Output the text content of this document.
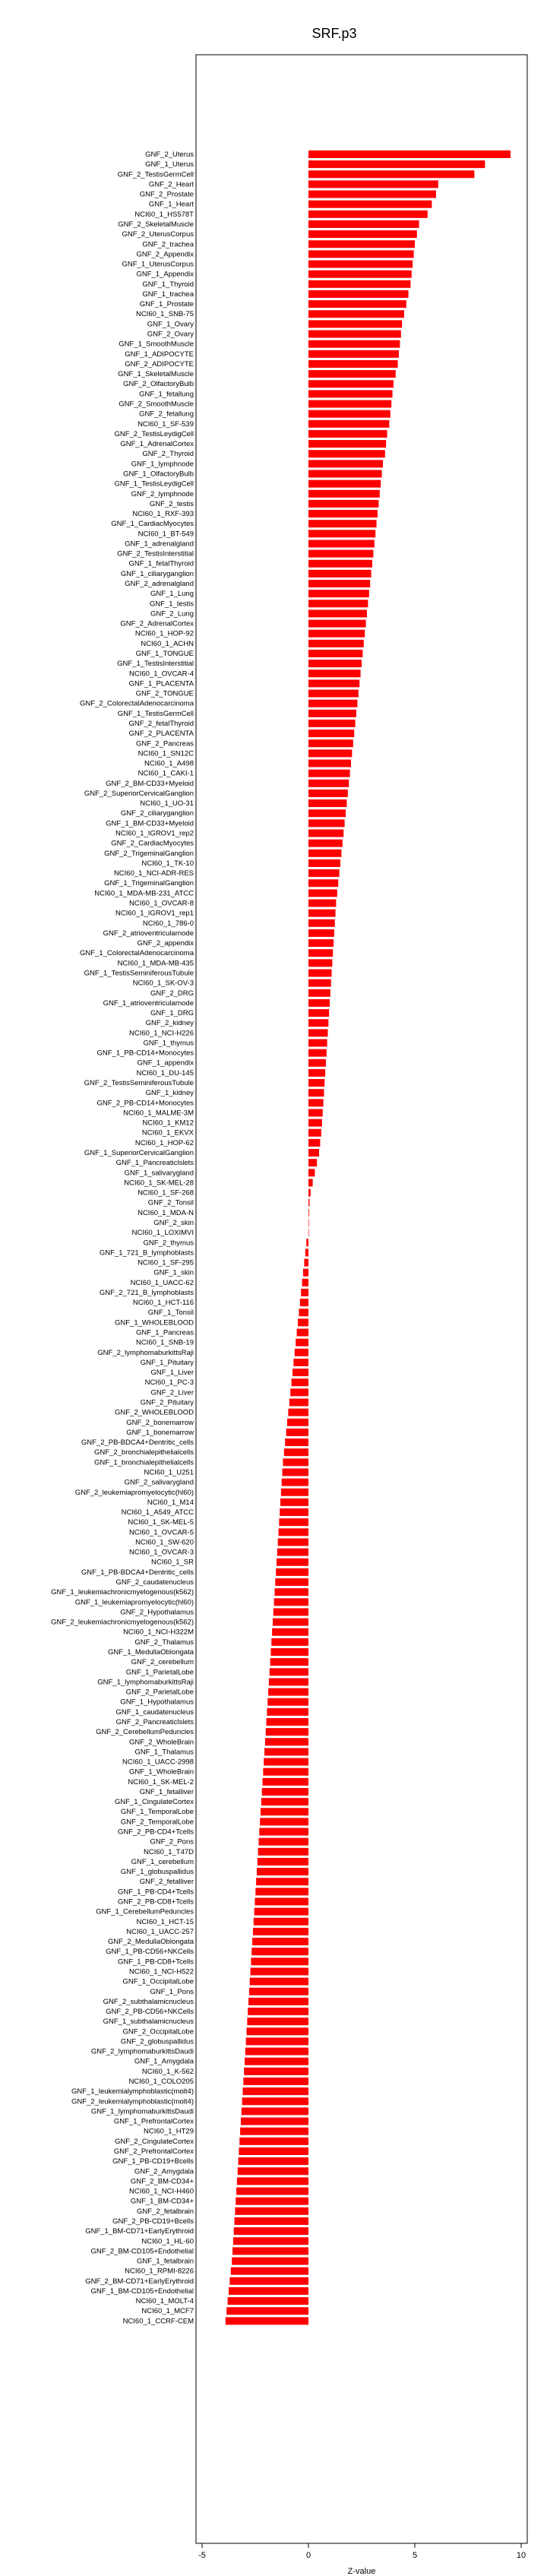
SRF.p3
GNF_2_Uterus
GNF_1_Uterus
GNF_2_TestisGermCell
GNF_2_Heart
GNF_2_Prostate
GNF_1_Heart
NCI60_1_HS578T
GNF_2_SkeletalMuscle
GNF_2_UterusCorpus
GNF_2_trachea
GNF_2_Appendix
GNF_1_UterusCorpus
GNF_1_Appendix
GNF_1_Thyroid
GNF_1_trachea
GNF_1_Prostate
NCI60_1_SNB-75
GNF_1_Ovary
GNF_2_Ovary
GNF_1_SmoothMuscle
GNF_1_ADIPOCYTE
GNF_2_ADIPOCYTE
GNF_1_SkeletalMuscle
GNF_2_OlfactoryBulb
GNF_1_fetallung
GNF_2_SmoothMuscle
GNF_2_fetallung
NCI60_1_SF-539
GNF_2_TestisLeydigCell
GNF_1_AdrenalCortex
GNF_2_Thyroid
GNF_1_lymphnode
GNF_1_OlfactoryBulb
GNF_1_TestisLeydigCell
GNF_2_lymphnode
GNF_2_testis
NCI60_1_RXF-393
GNF_1_CardiacMyocytes
NCI60_1_BT-549
GNF_1_adrenalgland
GNF_2_TestisInterstitial
GNF_1_fetalThyroid
GNF_1_ciliaryganglion
GNF_2_adrenalgland
GNF_1_Lung
GNF_1_testis
GNF_2_Lung
GNF_2_AdrenalCortex
NCI60_1_HOP-92
NCI60_1_ACHN
GNF_1_TONGUE
GNF_1_TestisInterstitial
NCI60_1_OVCAR-4
GNF_1_PLACENTA
GNF_2_TONGUE
GNF_2_ColorectalAdenocarcinoma
GNF_1_TestisGermCell
GNF_2_fetalThyroid
GNF_2_PLACENTA
GNF_2_Pancreas
NCI60_1_SN12C
NCI60_1_A498
NCI60_1_CAKI-1
GNF_2_BM-CD33+Myeloid
GNF_2_SuperiorCervicalGanglion
NCI60_1_UO-31
GNF_2_ciliaryganglion
GNF_1_BM-CD33+Myeloid
NCI60_1_IGROV1_rep2
GNF_2_CardiacMyocytes
GNF_2_TrigeminalGanglion
NCI60_1_TK-10
NCI60_1_NCI-ADR-RES
GNF_1_TrigeminalGanglion
NCI60_1_MDA-MB-231_ATCC
NCI60_1_OVCAR-8
NCI60_1_IGROV1_rep1
NCI60_1_786-0
GNF_2_atrioventricularnode
GNF_2_appendix
GNF_1_ColorectalAdenocarcinoma
NCI60_1_MDA-MB-435
GNF_1_TestisSeminiferousTubule
NCI60_1_SK-OV-3
GNF_2_DRG
GNF_1_atrioventricularnode
GNF_1_DRG
GNF_2_kidney
NCI60_1_NCI-H226
GNF_1_thymus
GNF_1_PB-CD14+Monocytes
GNF_1_appendix
NCI60_1_DU-145
GNF_2_TestisSeminiferousTubule
GNF_1_kidney
GNF_2_PB-CD14+Monocytes
NCI60_1_MALME-3M
NCI60_1_KM12
NCI60_1_EKVX
NCI60_1_HOP-62
GNF_1_SuperiorCervicalGanglion
GNF_1_Pancreaticlslets
GNF_1_salivarygland
NCI60_1_SK-MEL-28
NCI60_1_SF-268
GNF_2_Tonsil
NCI60_1_MDA-N
GNF_2_skin
NCI60_1_LOXIMVI
GNF_2_thymus
GNF_1_721_B_lymphoblasts
NCI60_1_SF-295
GNF_1_skin
NCI60_1_UACC-62
GNF_2_721_B_lymphoblasts
NCI60_1_HCT-116
GNF_1_Tonsil
GNF_1_WHOLEBLOOD
GNF_1_Pancreas
NCI60_1_SNB-19
GNF_2_lymphomaburkittsRaji
GNF_1_Pituitary
GNF_1_Liver
NCI60_1_PC-3
GNF_2_Liver
GNF_2_Pituitary
GNF_2_WHOLEBLOOD
GNF_2_bonemarrow
GNF_1_bonemarrow
GNF_2_PB-BDCA4+Dentritic_cells
GNF_2_bronchialepithelialcells
GNF_1_bronchialepithelialcells
NCI60_1_U251
GNF_2_salivarygland
GNF_2_leukemiapromyelocytic(hl60)
NCI60_1_M14
NCI60_1_A549_ATCC
NCI60_1_SK-MEL-5
NCI60_1_OVCAR-5
NCI60_1_SW-620
NCI60_1_OVCAR-3
NCI60_1_SR
GNF_1_PB-BDCA4+Dentritic_cells
GNF_2_caudatenucleus
GNF_1_leukemiachronicmyelogenous(k562)
GNF_1_leukemiapromyelocytic(hl60)
GNF_2_Hypothalamus
GNF_2_leukemiachronicmyelogenous(k562)
NCI60_1_NCI-H322M
GNF_2_Thalamus
GNF_1_MedullaOblongata
GNF_2_cerebellum
GNF_1_ParietalLobe
GNF_1_lymphomaburkittsRaji
GNF_2_ParietalLobe
GNF_1_Hypothalamus
GNF_1_caudatenucleus
GNF_2_Pancreaticlslets
GNF_2_CerebellumPeduncles
GNF_2_WholeBrain
GNF_1_Thalamus
NCI60_1_UACC-2998
GNF_1_WholeBrain
NCI60_1_SK-MEL-2
GNF_1_fetalliver
GNF_1_CingulateCortex
GNF_1_TemporalLobe
GNF_2_TemporalLobe
GNF_2_PB-CD4+Tcells
GNF_2_Pons
NCI60_1_T47D
GNF_1_cerebellum
GNF_1_globuspallidus
GNF_2_fetalliver
GNF_1_PB-CD4+Tcells
GNF_2_PB-CD8+Tcells
GNF_1_CerebellumPeduncles
NCI60_1_HCT-15
NCI60_1_UACC-257
GNF_2_MedullaOblongata
GNF_1_PB-CD56+NKCells
GNF_1_PB-CD8+Tcells
NCI60_1_NCI-H522
GNF_1_OccipitalLobe
GNF_1_Pons
GNF_2_subthalamicnucleus
GNF_2_PB-CD56+NKCells
GNF_1_subthalamicnucleus
GNF_2_OccipitalLobe
GNF_2_globuspallidus
GNF_2_lymphomaburkittsDaudi
GNF_1_Amygdala
NCI60_1_K-562
NCI60_1_COLO205
GNF_1_leukemialymphoblastic(molt4)
GNF_2_leukemialymphoblastic(molt4)
GNF_1_lymphomaburkittsDaudi
GNF_1_PrefrontalCortex
NCI60_1_HT29
GNF_2_CingulateCortex
GNF_2_PrefrontalCortex
GNF_1_PB-CD19+Bcells
GNF_2_Amygdala
GNF_2_BM-CD34+
NCI60_1_NCI-H460
GNF_1_BM-CD34+
GNF_2_fetalbrain
GNF_2_PB-CD19+Bcells
GNF_1_BM-CD71+EarlyErythroid
NCI60_1_HL-60
GNF_2_BM-CD105+Endothelial
GNF_1_fetalbrain
NCI60_1_RPMI-8226
GNF_2_BM-CD71+EarlyErythroid
GNF_1_BM-CD105+Endothelial
NCI60_1_MOLT-4
NCI60_1_MCF7
NCI60_1_CCRF-CEM
-5	0	5	10
Z-value
